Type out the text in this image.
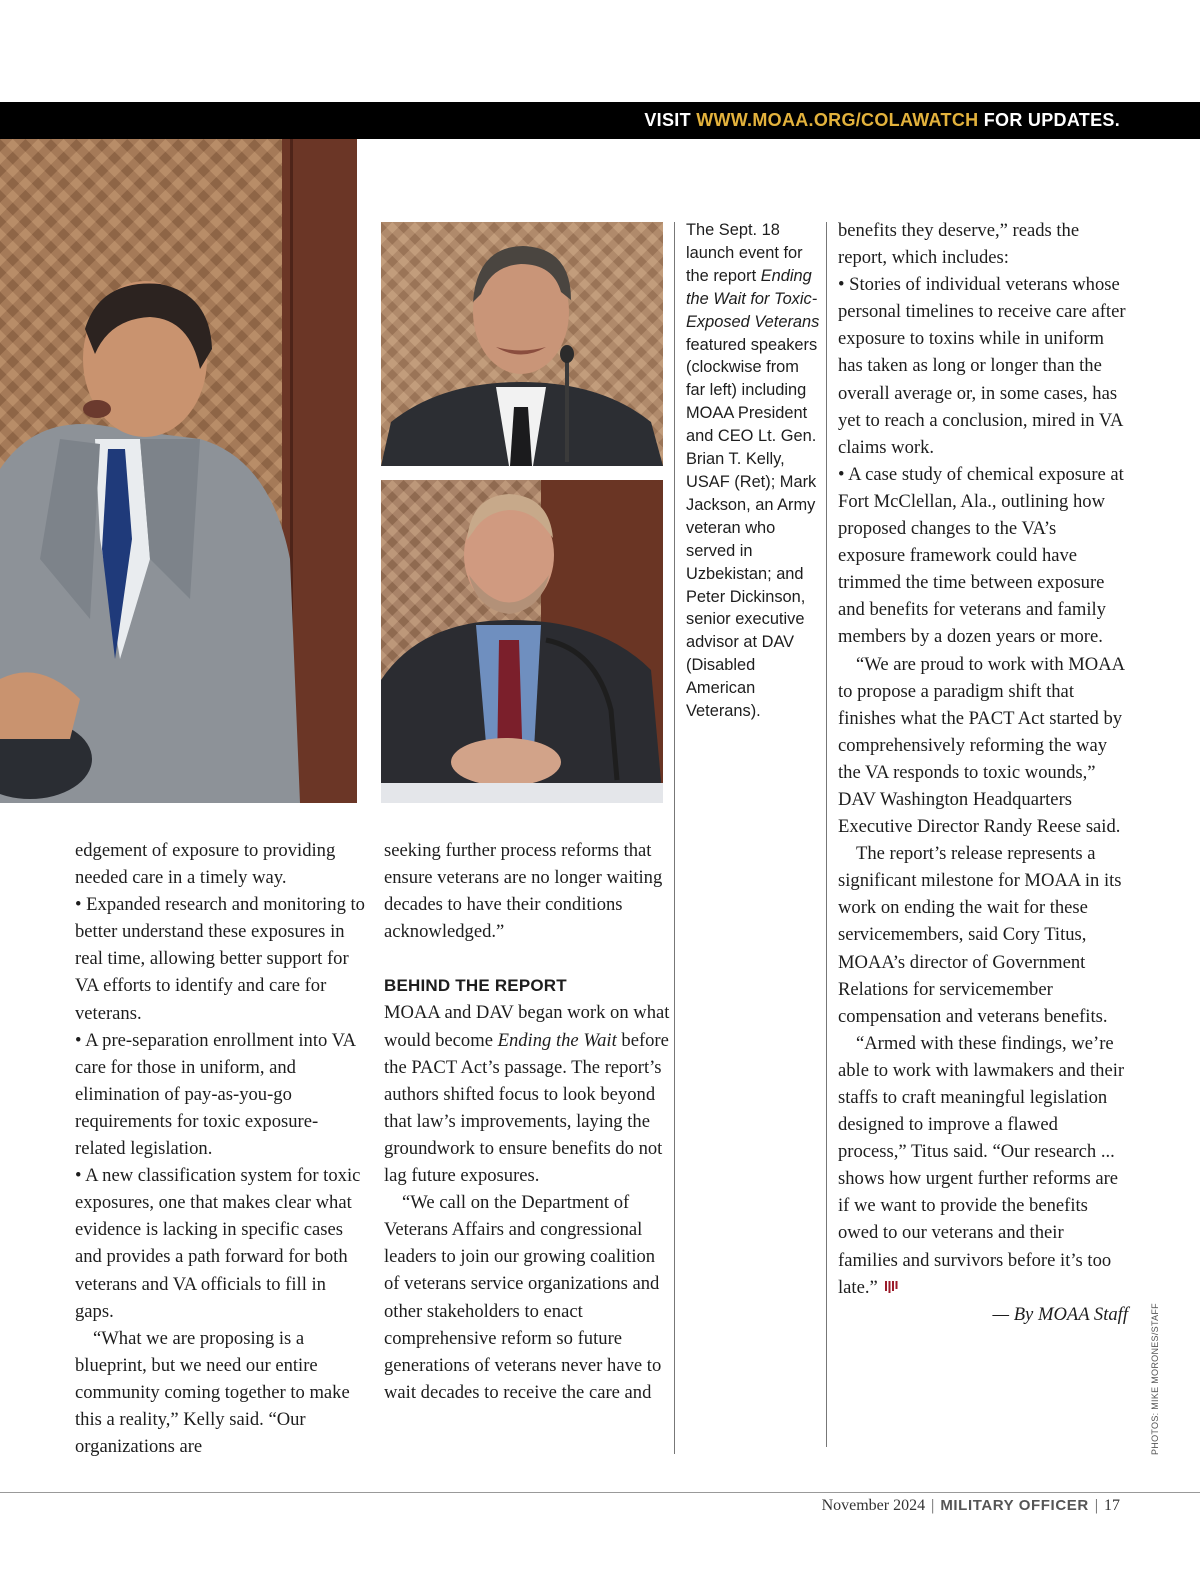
VISIT WWW.MOAA.ORG/COLAWATCH FOR UPDATES.
The Sept. 18 launch event for the report Ending the Wait for Toxic-Exposed Veterans featured speakers (clockwise from far left) including MOAA President and CEO Lt. Gen. Brian T. Kelly, USAF (Ret); Mark Jackson, an Army veteran who served in Uzbekistan; and Peter Dickinson, senior executive advisor at DAV (Disabled American Veterans).

edgement of exposure to providing needed care in a timely way.

• Expanded research and monitoring to better understand these exposures in real time, allowing better support for VA efforts to identify and care for veterans.

• A pre-separation enrollment into VA care for those in uniform, and elimination of pay-as-you-go requirements for toxic exposure-related legislation.

• A new classification system for toxic exposures, one that makes clear what evidence is lacking in specific cases and provides a path forward for both veterans and VA officials to fill in gaps.

“What we are proposing is a blueprint, but we need our entire community coming together to make this a reality,” Kelly said. “Our organizations are

seeking further process reforms that ensure veterans are no longer waiting decades to have their conditions acknowledged.”

BEHIND THE REPORT

MOAA and DAV began work on what would become Ending the Wait before the PACT Act’s passage. The report’s authors shifted focus to look beyond that law’s improvements, laying the groundwork to ensure benefits do not lag future exposures.

“We call on the Department of Veterans Affairs and congressional leaders to join our growing coalition of veterans service organizations and other stakeholders to enact comprehensive reform so future generations of veterans never have to wait decades to receive the care and

benefits they deserve,” reads the report, which includes:

• Stories of individual veterans whose personal timelines to receive care after exposure to toxins while in uniform has taken as long or longer than the overall average or, in some cases, has yet to reach a conclusion, mired in VA claims work.

• A case study of chemical exposure at Fort McClellan, Ala., outlining how proposed changes to the VA’s exposure framework could have trimmed the time between exposure and benefits for veterans and family members by a dozen years or more.

“We are proud to work with MOAA to propose a paradigm shift that finishes what the PACT Act started by comprehensively reforming the way the VA responds to toxic wounds,” DAV Washington Headquarters Executive Director Randy Reese said.

The report’s release represents a significant milestone for MOAA in its work on ending the wait for these servicemembers, said Cory Titus, MOAA’s director of Government Relations for servicemember compensation and veterans benefits.

“Armed with these findings, we’re able to work with lawmakers and their staffs to craft meaningful legislation designed to improve a flawed process,” Titus said. “Our research ... shows how urgent further reforms are if we want to provide the benefits owed to our veterans and their families and survivors before it’s too late.”

— By MOAA Staff PHOTOS: MIKE MORONES/STAFF
November 2024 | MILITARY OFFICER | 17
